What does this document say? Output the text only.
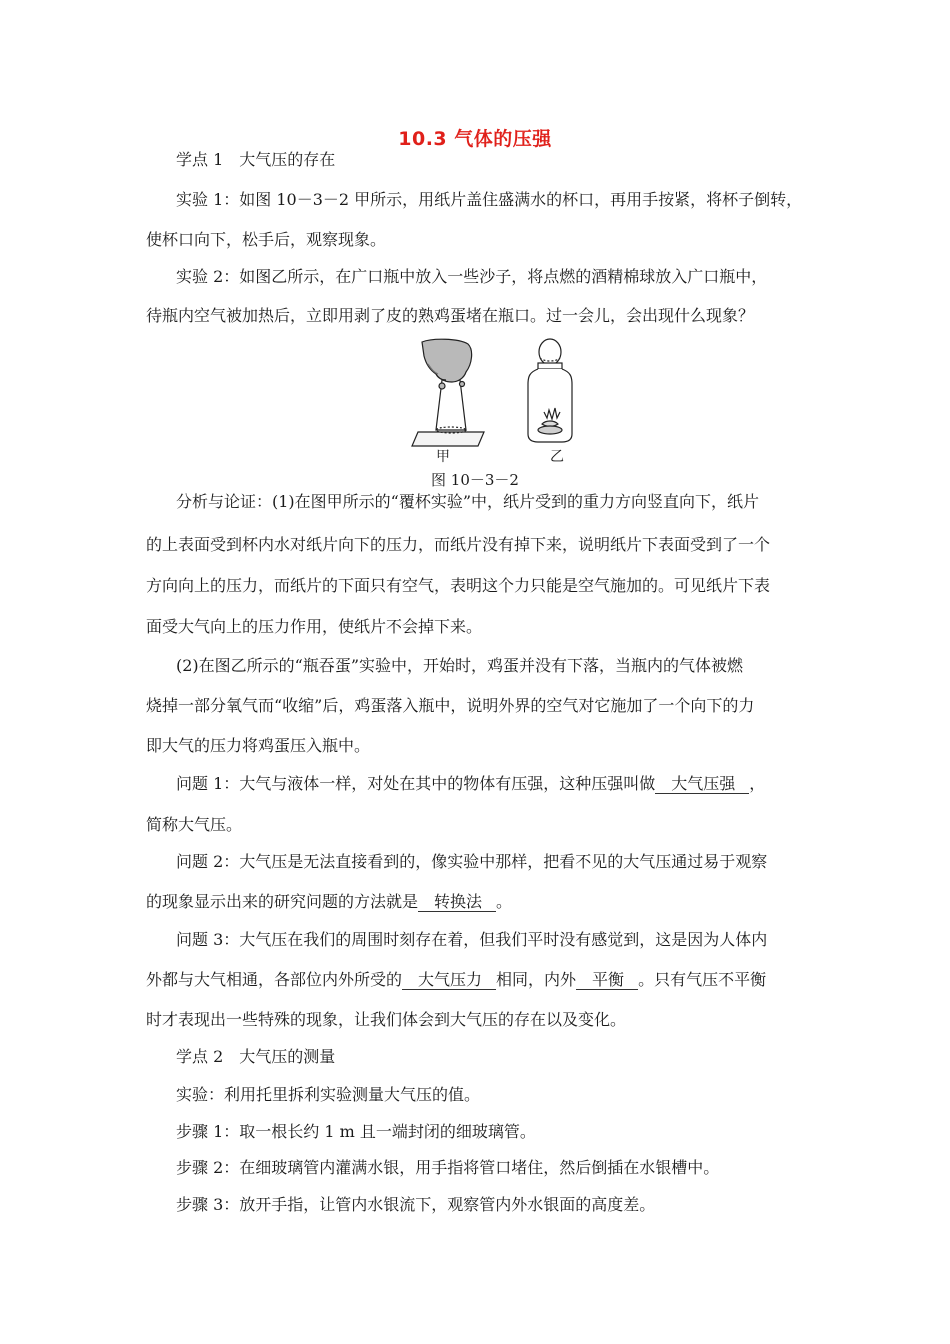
10.3 气体的压强
学点 1　大气压的存在
实验 1：如图 10－3－2 甲所示，用纸片盖住盛满水的杯口，再用手按紧，将杯子倒转，
使杯口向下，松手后，观察现象。
实验 2：如图乙所示，在广口瓶中放入一些沙子，将点燃的酒精棉球放入广口瓶中，
待瓶内空气被加热后，立即用剥了皮的熟鸡蛋堵在瓶口。过一会儿，会出现什么现象？
甲	乙
图 10－3－2
分析与论证：(1)在图甲所示的“覆杯实验”中，纸片受到的重力方向竖直向下，纸片
的上表面受到杯内水对纸片向下的压力，而纸片没有掉下来，说明纸片下表面受到了一个
方向向上的压力，而纸片的下面只有空气，表明这个力只能是空气施加的。可见纸片下表
面受大气向上的压力作用，使纸片不会掉下来。
(2)在图乙所示的“瓶吞蛋”实验中，开始时，鸡蛋并没有下落，当瓶内的气体被燃
烧掉一部分氧气而“收缩”后，鸡蛋落入瓶中，说明外界的空气对它施加了一个向下的力
即大气的压力将鸡蛋压入瓶中。
问题 1：大气与液体一样，对处在其中的物体有压强，这种压强叫做 大气压强 ，
简称大气压。
问题 2：大气压是无法直接看到的，像实验中那样，把看不见的大气压通过易于观察
的现象显示出来的研究问题的方法就是 转换法 。
问题 3：大气压在我们的周围时刻存在着，但我们平时没有感觉到，这是因为人体内
外都与大气相通，各部位内外所受的 大气压力 相同，内外 平衡 。只有气压不平衡
时才表现出一些特殊的现象，让我们体会到大气压的存在以及变化。
学点 2　大气压的测量
实验：利用托里拆利实验测量大气压的值。
步骤 1：取一根长约 1 m 且一端封闭的细玻璃管。
步骤 2：在细玻璃管内灌满水银，用手指将管口堵住，然后倒插在水银槽中。
步骤 3：放开手指，让管内水银流下，观察管内外水银面的高度差。
